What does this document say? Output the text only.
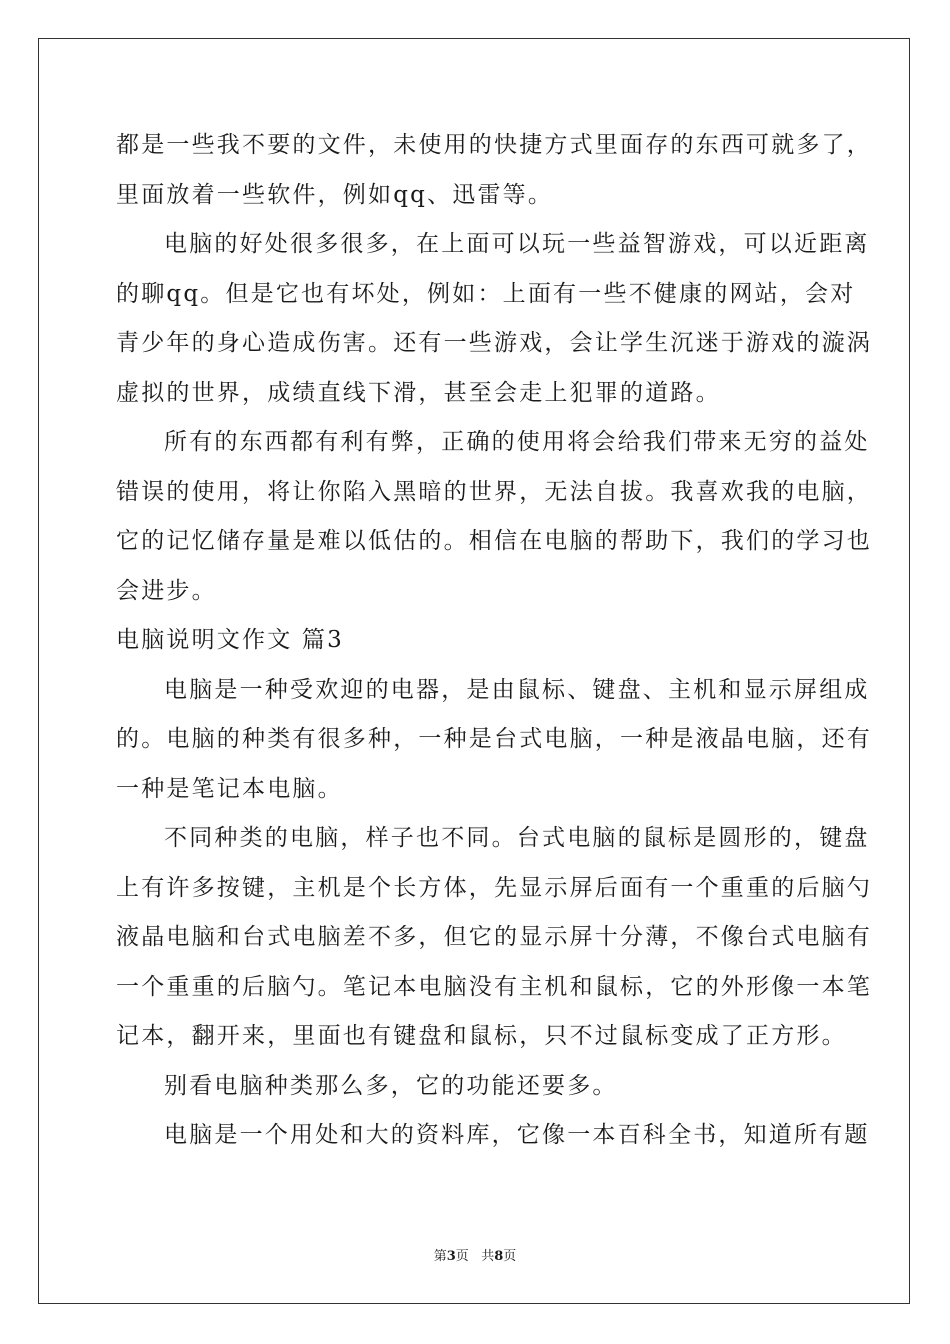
都是一些我不要的文件，未使用的快捷方式里面存的东西可就多了，
里面放着一些软件，例如qq、迅雷等。
电脑的好处很多很多，在上面可以玩一些益智游戏，可以近距离
的聊qq。但是它也有坏处，例如：上面有一些不健康的网站，会对
青少年的身心造成伤害。还有一些游戏，会让学生沉迷于游戏的漩涡
虚拟的世界，成绩直线下滑，甚至会走上犯罪的道路。
所有的东西都有利有弊，正确的使用将会给我们带来无穷的益处
错误的使用，将让你陷入黑暗的世界，无法自拔。我喜欢我的电脑，
它的记忆储存量是难以低估的。相信在电脑的帮助下，我们的学习也
会进步。
电脑说明文作文 篇3
电脑是一种受欢迎的电器，是由鼠标、键盘、主机和显示屏组成
的。电脑的种类有很多种，一种是台式电脑，一种是液晶电脑，还有
一种是笔记本电脑。
不同种类的电脑，样子也不同。台式电脑的鼠标是圆形的，键盘
上有许多按键，主机是个长方体，先显示屏后面有一个重重的后脑勺
液晶电脑和台式电脑差不多，但它的显示屏十分薄，不像台式电脑有
一个重重的后脑勺。笔记本电脑没有主机和鼠标，它的外形像一本笔
记本，翻开来，里面也有键盘和鼠标，只不过鼠标变成了正方形。
别看电脑种类那么多，它的功能还要多。
电脑是一个用处和大的资料库，它像一本百科全书，知道所有题
第3页 共8页
